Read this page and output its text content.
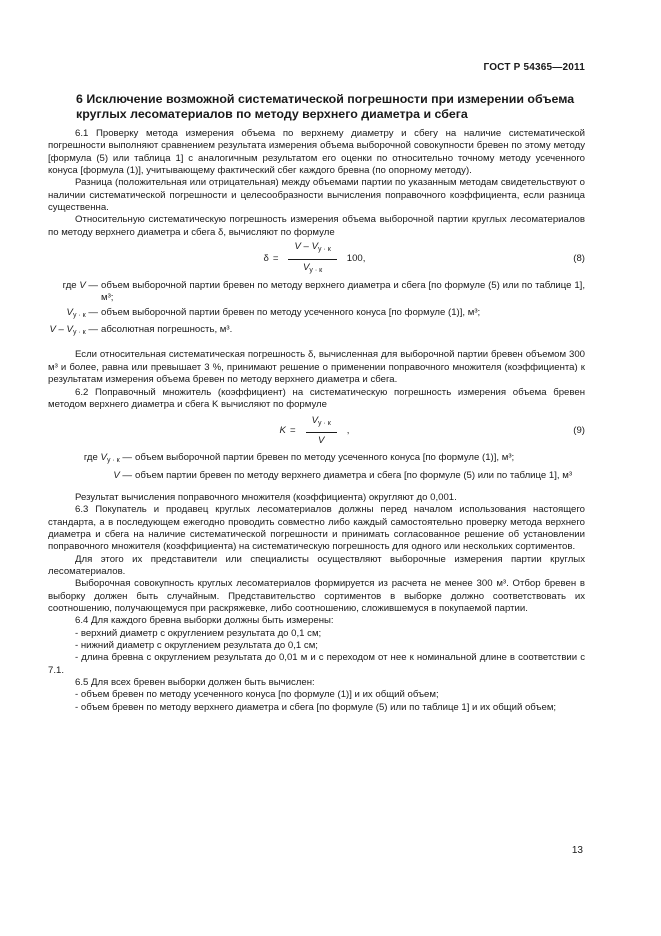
ГОСТ Р 54365—2011
6 Исключение возможной систематической погрешности при измерении объема круглых лесоматериалов по методу верхнего диаметра и сбега

6.1 Проверку метода измерения объема по верхнему диаметру и сбегу на наличие систематической погрешности выполняют сравнением результата измерения объема выборочной совокупности бревен по этому методу [формула (5) или таблица 1] с аналогичным результатом его оценки по относительно точному методу усеченного конуса [формула (1)], учитывающему фактический сбег каждого бревна (по опорному методу).

Разница (положительная или отрицательная) между объемами партии по указанным методам свидетельствуют о наличии систематической погрешности и целесообразности вычисления поправочного коэффициента, если разница существенна.

Относительную систематическую погрешность измерения объема выборочной партии круглых лесоматериалов по методу верхнего диаметра и сбега δ, вычисляют по формуле

$\delta = \frac{V - V_{у \cdot к}}{V_{у \cdot к}} 100$,	(8)
где V — объем выборочной партии бревен по методу верхнего диаметра и сбега [по формуле (5) или по таблице 1], м³;
$V_{у \cdot к}$ — объем выборочной партии бревен по методу усеченного конуса [по формуле (1)], м³;
V – $V_{у \cdot к}$ — абсолютная погрешность, м³.

Если относительная систематическая погрешность δ, вычисленная для выборочной партии бревен объемом 300 м³ и более, равна или превышает 3 %, принимают решение о применении поправочного множителя (коэффициента) к результатам измерения объема бревен по методу верхнего диаметра и сбега.

6.2 Поправочный множитель (коэффициент) на систематическую погрешность измерения объема бревен методом верхнего диаметра и сбега K вычисляют по формуле

$K = \frac{V_{у \cdot к}}{V}$ ,	(9)
где $V_{у \cdot к}$ — объем выборочной партии бревен по методу усеченного конуса [по формуле (1)], м³;
V — объем партии бревен по методу верхнего диаметра и сбега [по формуле (5) или по таблице 1], м³

Результат вычисления поправочного множителя (коэффициента) округляют до 0,001.

6.3 Покупатель и продавец круглых лесоматериалов должны перед началом использования настоящего стандарта, а в последующем ежегодно проводить совместно либо каждый самостоятельно проверку метода верхнего диаметра и сбега на наличие систематической погрешности и принимать согласованное решение об установлении поправочного множителя (коэффициента) на систематическую погрешность для одного или нескольких сортиментов.

Для этого их представители или специалисты осуществляют выборочные измерения партии круглых лесоматериалов.

Выборочная совокупность круглых лесоматериалов формируется из расчета не менее 300 м³. Отбор бревен в выборку должен быть случайным. Представительство сортиментов в выборке должно соответствовать их соотношению, получающемуся при раскряжевке, либо соотношению, сложившемуся в покупаемой партии.

6.4 Для каждого бревна выборки должны быть измерены:

- верхний диаметр с округлением результата до 0,1 см;

- нижний диаметр с округлением результата до 0,1 см;

- длина бревна с округлением результата до 0,01 м и с переходом от нее к номинальной длине в соответствии с 7.1.

6.5 Для всех бревен выборки должен быть вычислен:

- объем бревен по методу усеченного конуса [по формуле (1)] и их общий объем;

- объем бревен по методу верхнего диаметра и сбега [по формуле (5) или по таблице 1] и их общий объем;

13
